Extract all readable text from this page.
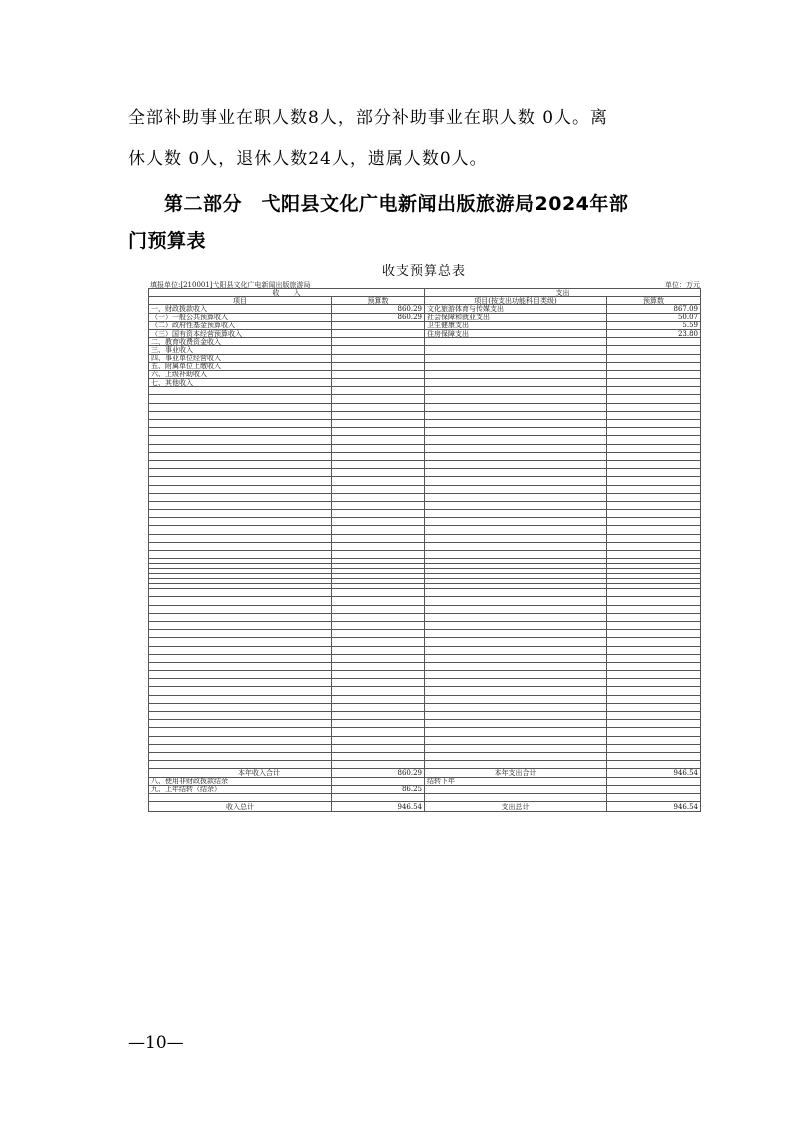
全部补助事业在职人数8人，部分补助事业在职人数 0人。离
休人数 0人，退休人数24人，遗属人数0人。
第二部分　弋阳县文化广电新闻出版旅游局2024年部
门预算表
收支预算总表
填报单位:[210001]弋阳县文化广电新闻出版旅游局	单位：万元
收　　入		支出	
项目	预算数	项目(按支出功能科目类级)	预算数
一、财政拨款收入	860.29	文化旅游体育与传媒支出	867.09
（一）一般公共预算收入	860.29	社会保障和就业支出	50.07
（二）政府性基金预算收入		卫生健康支出	5.59
（三）国有资本经营预算收入		住房保障支出	23.80
二、教育收费资金收入			
三、事业收入			
四、事业单位经营收入			
五、附属单位上缴收入			
六、上级补助收入			
七、其他收入			

本年收入合计	860.29	本年支出合计	946.54
八、使用非财政拨款结余		结转下年	
九、上年结转（结余）	86.25		

收入总计	946.54	支出总计	946.54
—10—
